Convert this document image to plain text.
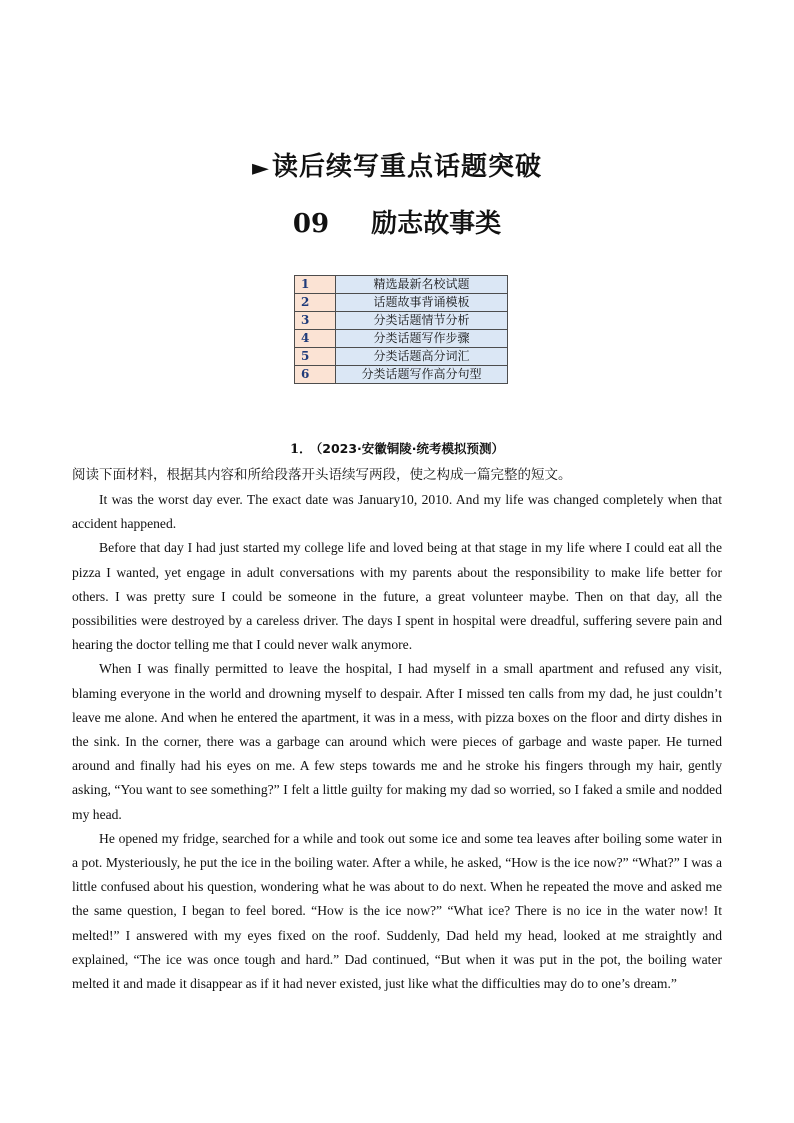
►读后续写重点话题突破
09 励志故事类
1	精选最新名校试题
2	话题故事背诵模板
3	分类话题情节分析
4	分类话题写作步骤
5	分类话题高分词汇
6	分类话题写作高分句型
1． （2023·安徽铜陵·统考模拟预测）
阅读下面材料，根据其内容和所给段落开头语续写两段，使之构成一篇完整的短文。

It was the worst day ever. The exact date was January10, 2010. And my life was changed completely when that accident happened.

Before that day I had just started my college life and loved being at that stage in my life where I could eat all the pizza I wanted, yet engage in adult conversations with my parents about the responsibility to make life better for others. I was pretty sure I could be someone in the future, a great volunteer maybe. Then on that day, all the possibilities were destroyed by a careless driver. The days I spent in hospital were dreadful, suffering severe pain and hearing the doctor telling me that I could never walk anymore.

When I was finally permitted to leave the hospital, I had myself in a small apartment and refused any visit, blaming everyone in the world and drowning myself to despair. After I missed ten calls from my dad, he just couldn’t leave me alone. And when he entered the apartment, it was in a mess, with pizza boxes on the floor and dirty dishes in the sink. In the corner, there was a garbage can around which were pieces of garbage and waste paper. He turned around and finally had his eyes on me. A few steps towards me and he stroke his fingers through my hair, gently asking, “You want to see something?” I felt a little guilty for making my dad so worried, so I faked a smile and nodded my head.

He opened my fridge, searched for a while and took out some ice and some tea leaves after boiling some water in a pot. Mysteriously, he put the ice in the boiling water. After a while, he asked, “How is the ice now?” “What?” I was a little confused about his question, wondering what he was about to do next. When he repeated the move and asked me the same question, I began to feel bored. “How is the ice now?” “What ice? There is no ice in the water now! It melted!” I answered with my eyes fixed on the roof. Suddenly, Dad held my head, looked at me straightly and explained, “The ice was once tough and hard.” Dad continued, “But when it was put in the pot, the boiling water melted it and made it disappear as if it had never existed, just like what the difficulties may do to one’s dream.”
